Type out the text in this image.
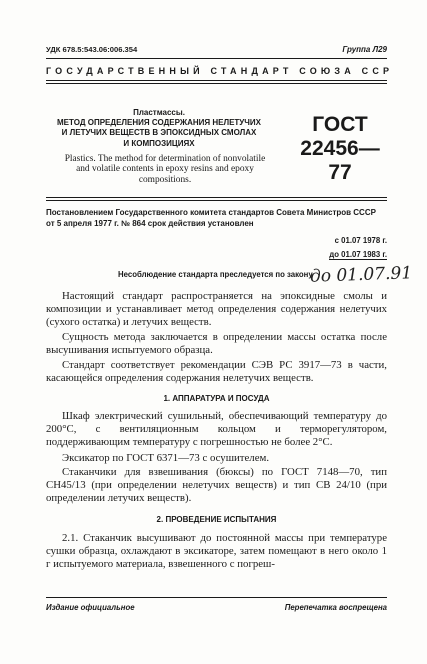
УДК 678.5:543.06:006.354	Группа Л29
ГОСУДАРСТВЕННЫЙ СТАНДАРТ СОЮЗА ССР
Пластмассы.
МЕТОД ОПРЕДЕЛЕНИЯ СОДЕРЖАНИЯ НЕЛЕТУЧИХ
И ЛЕТУЧИХ ВЕЩЕСТВ В ЭПОКСИДНЫХ СМОЛАХ
И КОМПОЗИЦИЯХ
Plastics. The method for determination of nonvolatile
and volatile contents in epoxy resins and epoxy
compositions.
ГОСТ
22456—77
Постановлением Государственного комитета стандартов Совета Министров СССР
от 5 апреля 1977 г. № 864 срок действия установлен
с 01.07 1978 г.
до 01.07 1983 г.
Несоблюдение стандарта преследуется по закону
до 01.07.91
Настоящий стандарт распространяется на эпоксидные смолы и композиции и устанавливает метод определения содержания нелетучих (сухого остатка) и летучих веществ.
Сущность метода заключается в определении массы остатка после высушивания испытуемого образца.
Стандарт соответствует рекомендации СЭВ РС 3917—73 в части, касающейся определения содержания нелетучих веществ.
1. АППАРАТУРА И ПОСУДА
Шкаф электрический сушильный, обеспечивающий температуру до 200°С, с вентиляционным кольцом и терморегулятором, поддерживающим температуру с погрешностью не более 2°С.
Эксикатор по ГОСТ 6371—73 с осушителем.
Стаканчики для взвешивания (бюксы) по ГОСТ 7148—70, тип СН45/13 (при определении нелетучих веществ) и тип СВ 24/10 (при определении летучих веществ).
2. ПРОВЕДЕНИЕ ИСПЫТАНИЯ
2.1. Стаканчик высушивают до постоянной массы при температуре сушки образца, охлаждают в эксикаторе, затем помещают в него около 1 г испытуемого материала, взвешенного с погреш-
Издание официальное	Перепечатка воспрещена
